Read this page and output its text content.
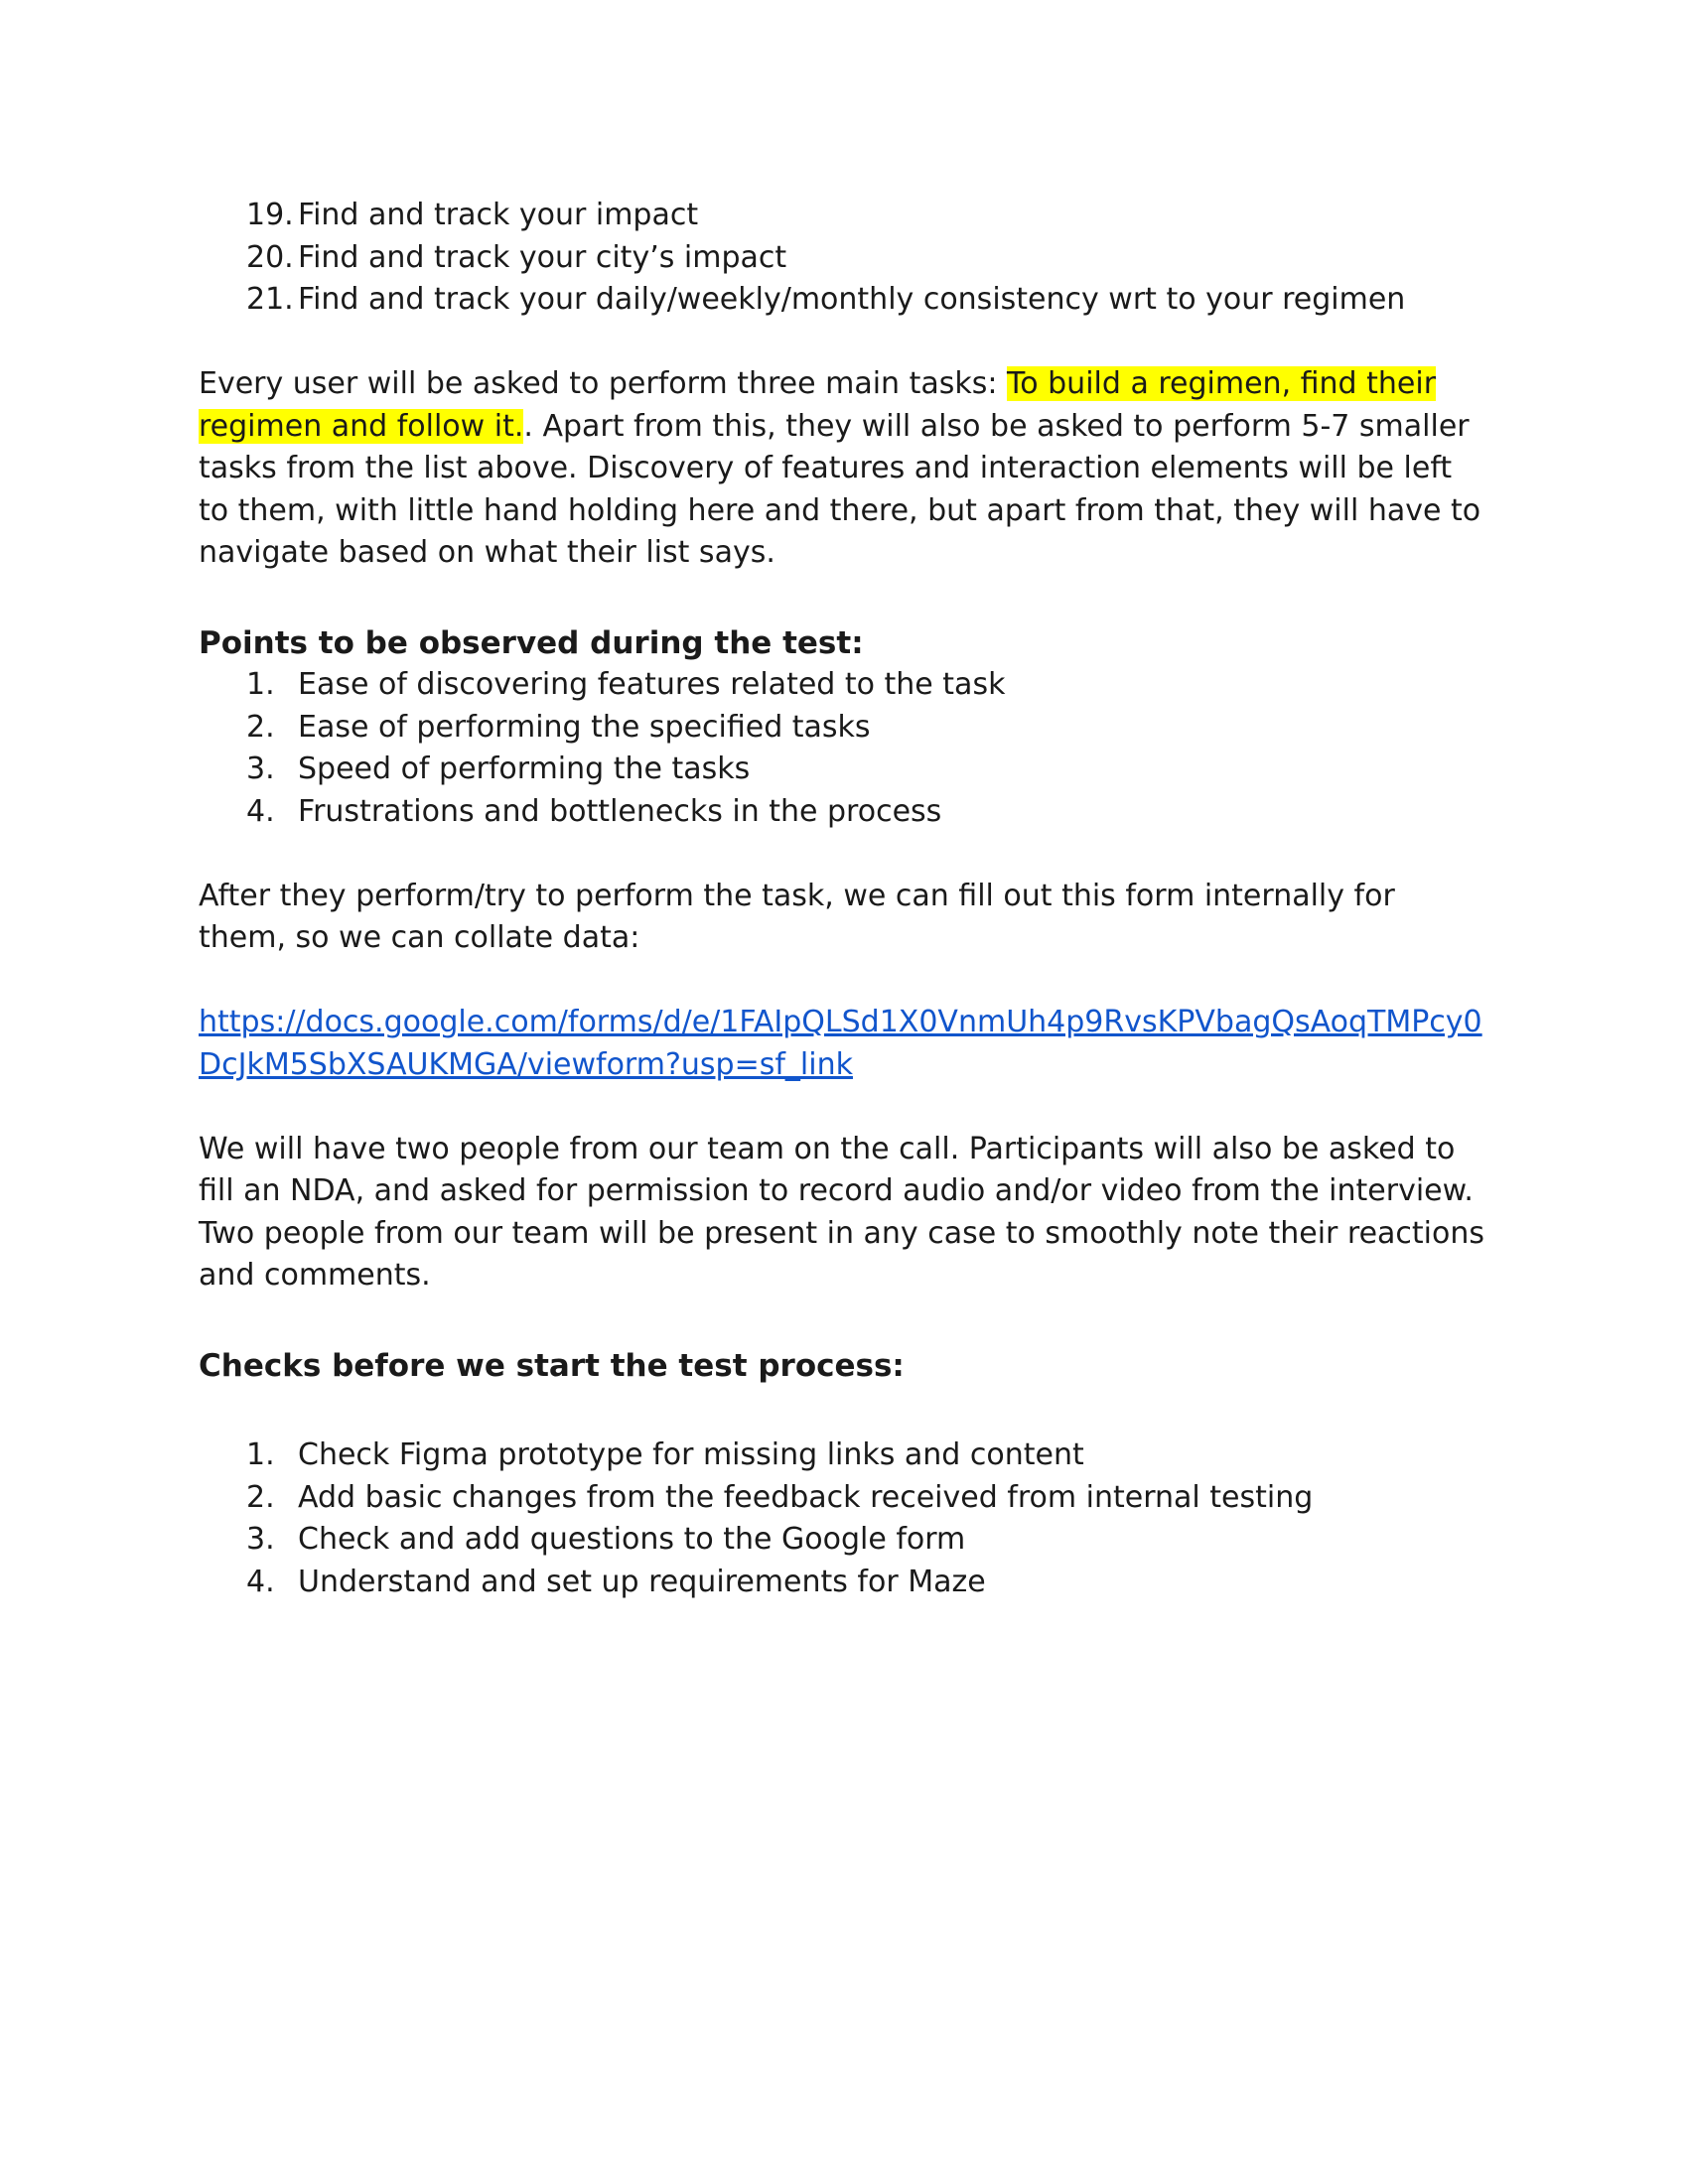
19. Find and track your impact
20. Find and track your city’s impact
21. Find and track your daily/weekly/monthly consistency wrt to your regimen

Every user will be asked to perform three main tasks: To build a regimen, find their regimen and follow it.. Apart from this, they will also be asked to perform 5-7 smaller tasks from the list above. Discovery of features and interaction elements will be left to them, with little hand holding here and there, but apart from that, they will have to navigate based on what their list says.

Points to be observed during the test:
1. Ease of discovering features related to the task
2. Ease of performing the specified tasks
3. Speed of performing the tasks
4. Frustrations and bottlenecks in the process

After they perform/try to perform the task, we can fill out this form internally for them, so we can collate data:

https://docs.google.com/forms/d/e/1FAIpQLSd1X0VnmUh4p9RvsKPVbagQsAoqTMPcy0DcJkM5SbXSAUKMGA/viewform?usp=sf_link

We will have two people from our team on the call. Participants will also be asked to fill an NDA, and asked for permission to record audio and/or video from the interview. Two people from our team will be present in any case to smoothly note their reactions and comments.

Checks before we start the test process:
1. Check Figma prototype for missing links and content
2. Add basic changes from the feedback received from internal testing
3. Check and add questions to the Google form
4. Understand and set up requirements for Maze
